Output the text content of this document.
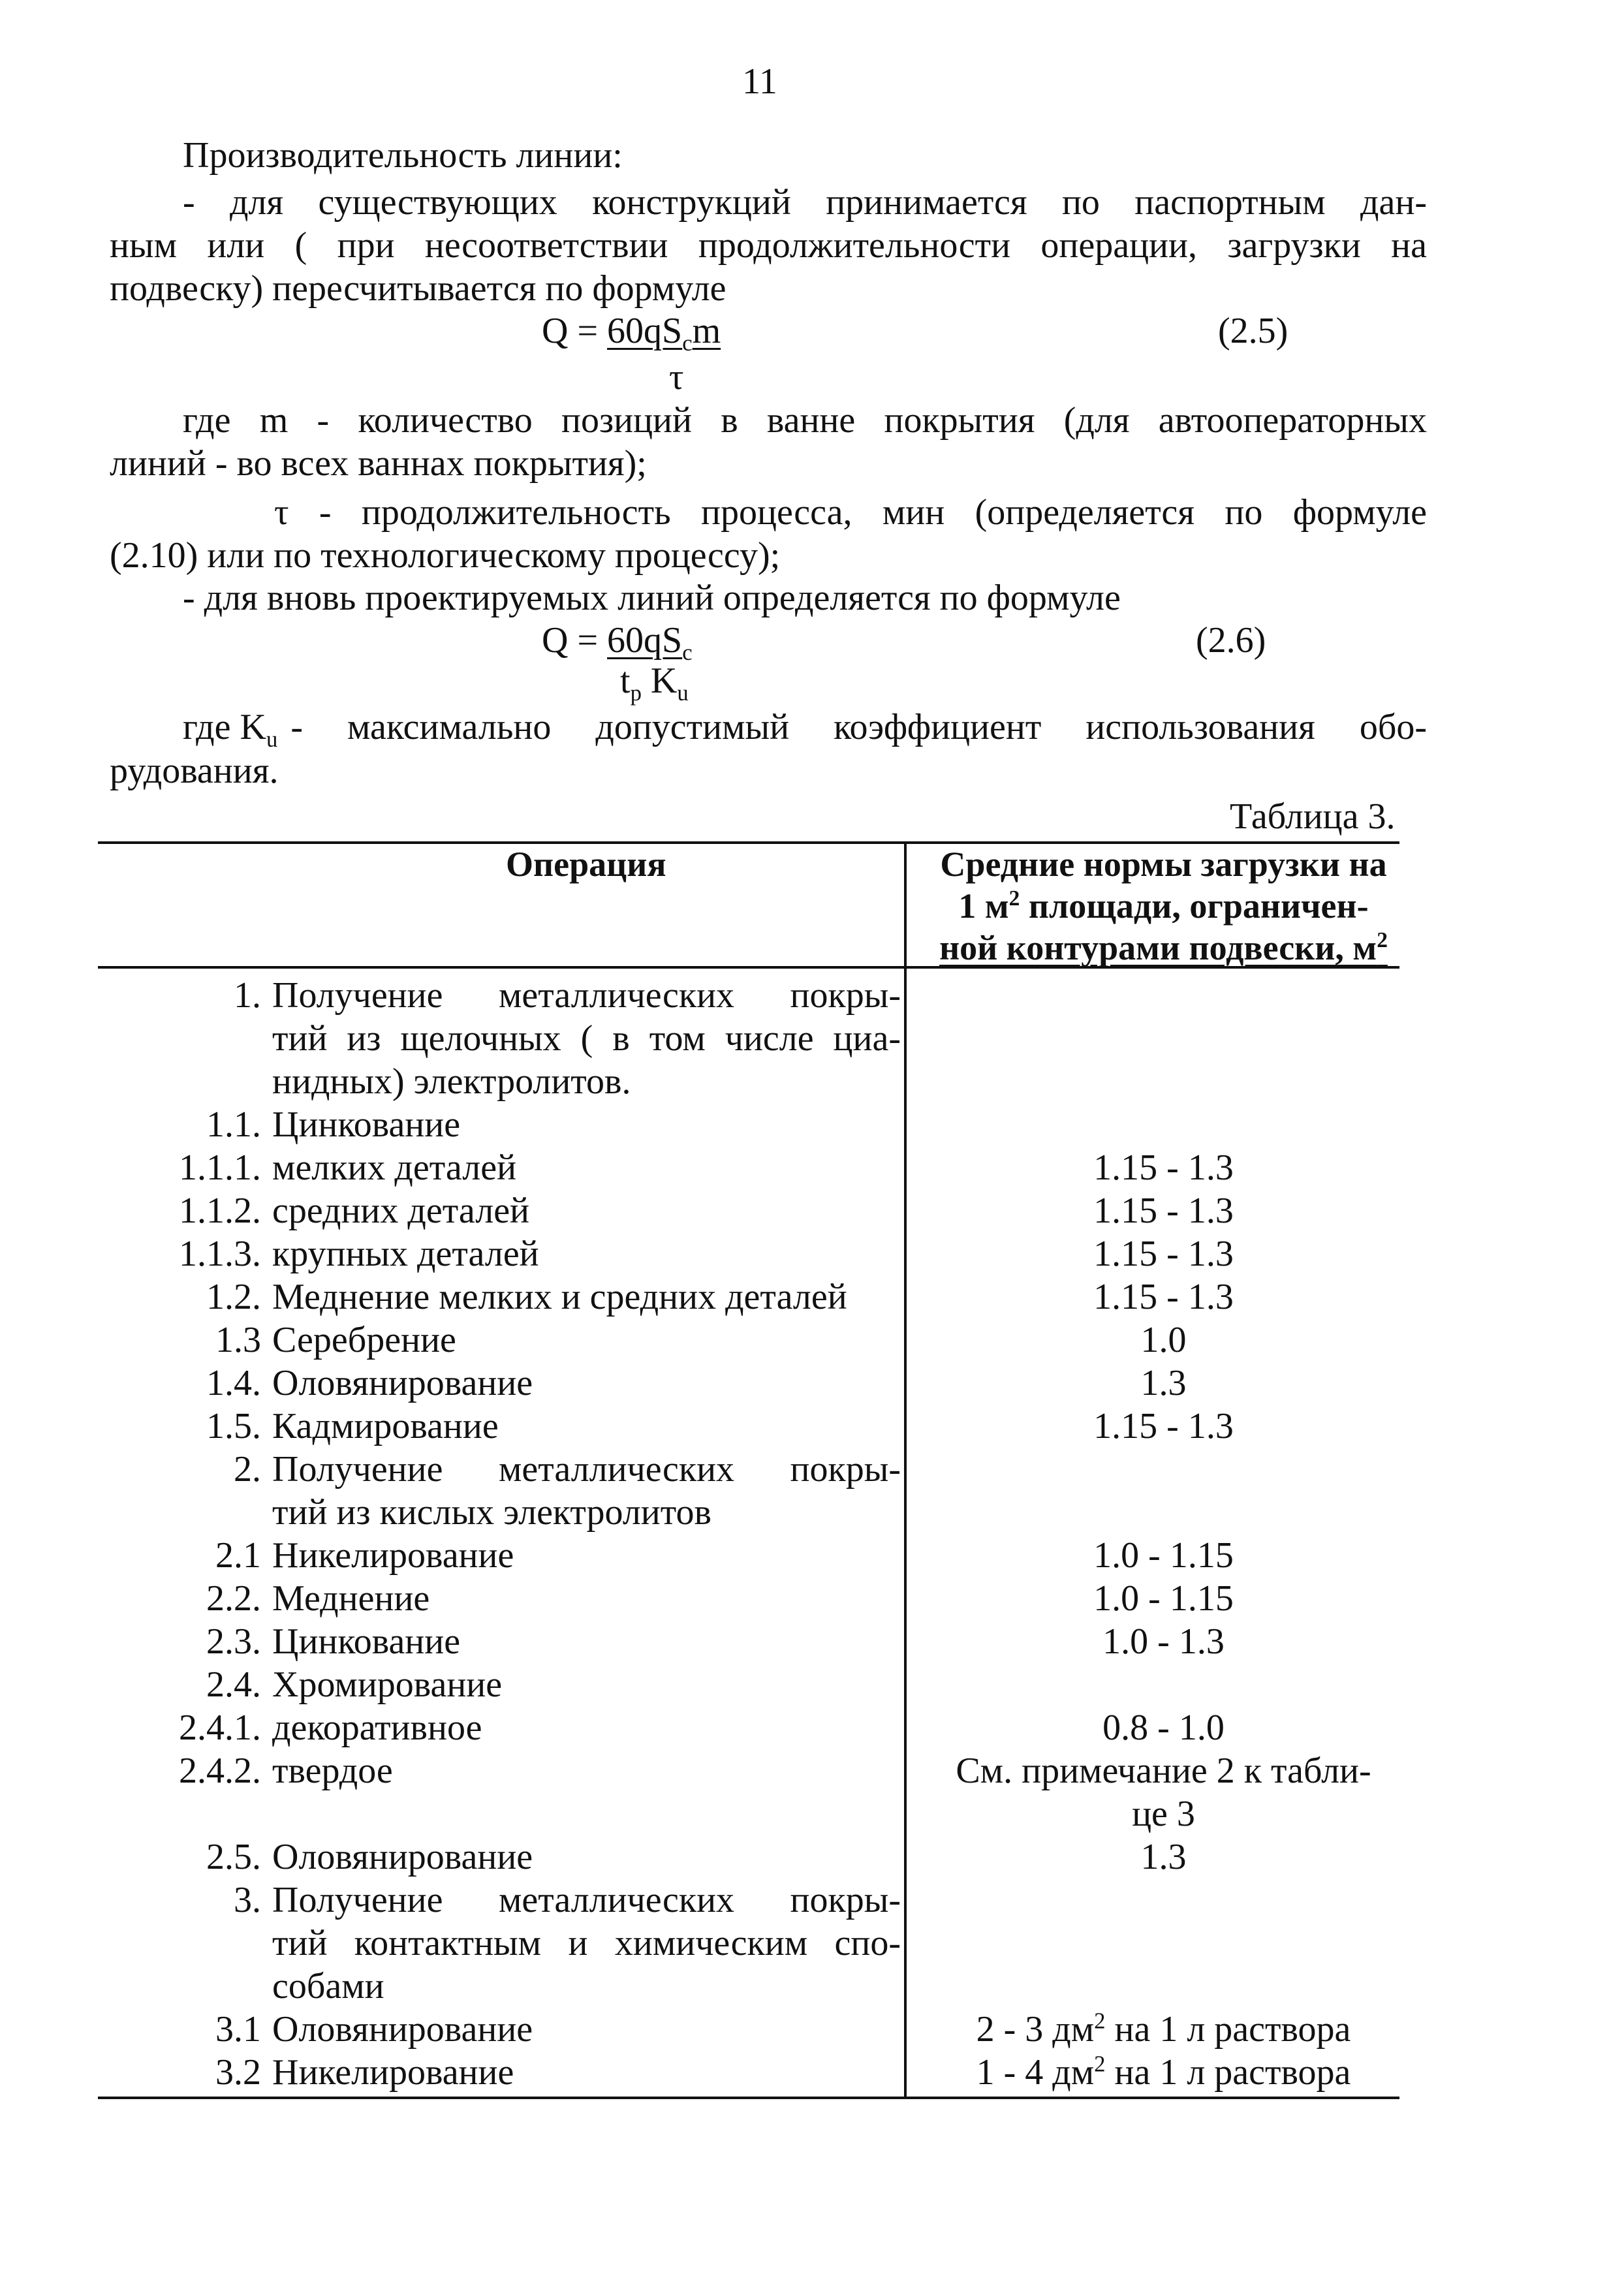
11
Производительность линии:
- для существующих конструкций принимается по паспортным дан-
ным или ( при несоответствии продолжительности операции, загрузки на
подвеску) пересчитывается по формуле
$Q = 60qS_cm$	(2.5)
τ
где m - количество позиций в ванне покрытия (для автооператорных
линий - во всех ваннах покрытия);
τ - продолжительность процесса, мин (определяется по формуле
(2.10) или по технологическому процессу);
- для вновь проектируемых линий определяется по формуле
$Q = 60qS_c$	(2.6)
$t_p$ $K_u$
где $K_u$ - максимально допустимый коэффициент использования обо-
рудования.
Таблица 3.
Операция	Средние нормы загрузки на
1 $м^2$ площади, ограничен-
ной контурами подвески, $м^2$
1. Получение металлических покры-
тий из щелочных ( в том числе циа-
нидных) электролитов.
1.1. Цинкование
1.1.1. мелких деталей	1.15 - 1.3
1.1.2. средних деталей	1.15 - 1.3
1.1.3. крупных деталей	1.15 - 1.3
1.2. Меднение мелких и средних деталей	1.15 - 1.3
1.3 Серебрение	1.0
1.4. Оловянирование	1.3
1.5. Кадмирование	1.15 - 1.3
2. Получение металлических покры-
тий из кислых электролитов
2.1 Никелирование	1.0 - 1.15
2.2. Меднение	1.0 - 1.15
2.3. Цинкование	1.0 - 1.3
2.4. Хромирование
2.4.1. декоративное	0.8 - 1.0
2.4.2. твердое	См. примечание 2 к табли-
це 3
2.5. Оловянирование	1.3
3. Получение металлических покры-
тий контактным и химическим спо-
собами
3.1 Оловянирование	2 - 3 $дм^2$ на 1 л раствора
3.2 Никелирование	1 - 4 $дм^2$ на 1 л раствора
